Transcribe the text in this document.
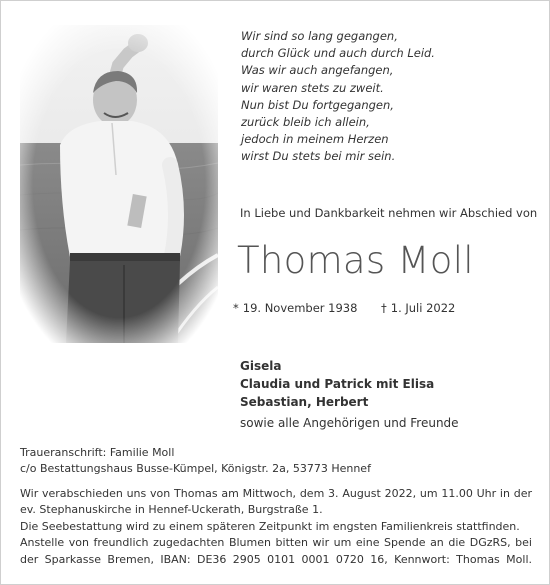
Wir sind so lang gegangen,
durch Glück und auch durch Leid.
Was wir auch angefangen,
wir waren stets zu zweit.
Nun bist Du fortgegangen,
zurück bleib ich allein,
jedoch in meinem Herzen
wirst Du stets bei mir sein.
In Liebe und Dankbarkeit nehmen wir Abschied von
Thomas Moll
* 19. November 1938 † 1. Juli 2022
Gisela
Claudia und Patrick mit Elisa
Sebastian, Herbert
sowie alle Angehörigen und Freunde
Traueranschrift: Familie Moll
c/o Bestattungshaus Busse-Kümpel, Königstr. 2a, 53773 Hennef

Wir verabschieden uns von Thomas am Mittwoch, dem 3. August 2022, um 11.00 Uhr in der ev. Stephanuskirche in Hennef-Uckerath, Burgstraße 1.

Die Seebestattung wird zu einem späteren Zeitpunkt im engsten Familienkreis stattfinden.

Anstelle von freundlich zugedachten Blumen bitten wir um eine Spende an die DGzRS, bei der Sparkasse Bremen, IBAN: DE36 2905 0101 0001 0720 16, Kennwort: Thomas Moll.
